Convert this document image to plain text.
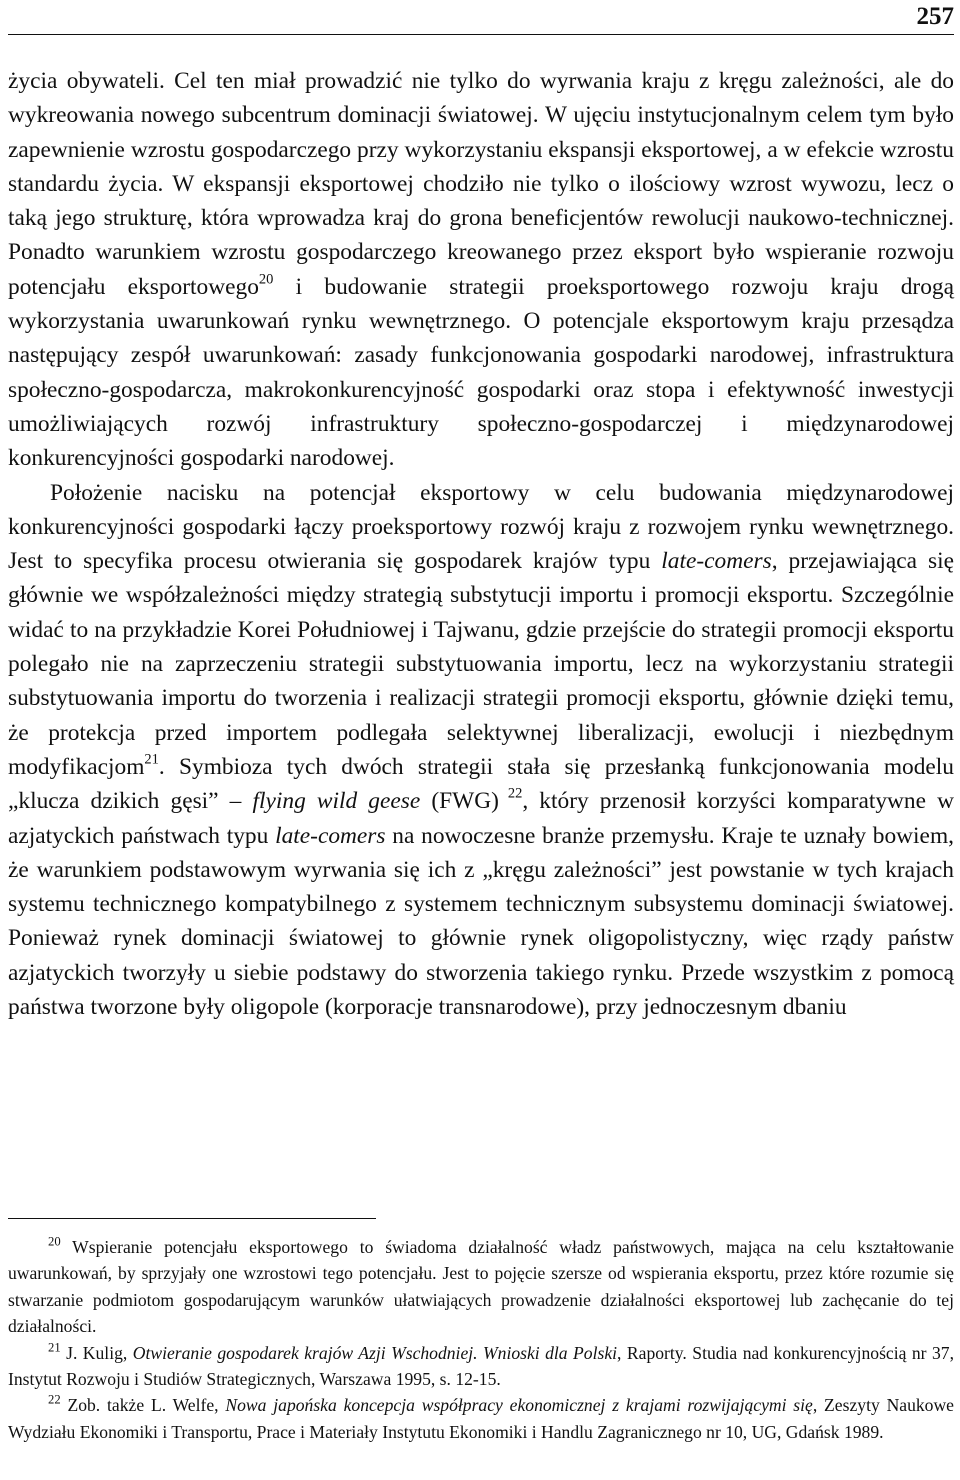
257

życia obywateli. Cel ten miał prowadzić nie tylko do wyrwania kraju z kręgu zależności, ale do wykreowania nowego subcentrum dominacji światowej. W ujęciu instytucjonalnym celem tym było zapewnienie wzrostu gospodarczego przy wykorzystaniu ekspansji eksportowej, a w efekcie wzrostu standardu życia. W ekspansji eksportowej chodziło nie tylko o ilościowy wzrost wywozu, lecz o taką jego strukturę, która wprowadza kraj do grona beneficjentów rewolucji naukowo-technicznej. Ponadto warunkiem wzrostu gospodarczego kreowanego przez eksport było wspieranie rozwoju potencjału eksportowego$^{20}$ i budowanie strategii proeksportowego rozwoju kraju drogą wykorzystania uwarunkowań rynku wewnętrznego. O potencjale eksportowym kraju przesądza następujący zespół uwarunkowań: zasady funkcjonowania gospodarki narodowej, infrastruktura społeczno-gospodarcza, makrokonkurencyjność gospodarki oraz stopa i efektywność inwestycji umożliwiających rozwój infrastruktury społeczno-gospodarczej i międzynarodowej konkurencyjności gospodarki narodowej.

Położenie nacisku na potencjał eksportowy w celu budowania międzynarodowej konkurencyjności gospodarki łączy proeksportowy rozwój kraju z rozwojem rynku wewnętrznego. Jest to specyfika procesu otwierania się gospodarek krajów typu late-comers, przejawiająca się głównie we współzależności między strategią substytucji importu i promocji eksportu. Szczególnie widać to na przykładzie Korei Południowej i Tajwanu, gdzie przejście do strategii promocji eksportu polegało nie na zaprzeczeniu strategii substytuowania importu, lecz na wykorzystaniu strategii substytuowania importu do tworzenia i realizacji strategii promocji eksportu, głównie dzięki temu, że protekcja przed importem podlegała selektywnej liberalizacji, ewolucji i niezbędnym modyfikacjom$^{21}$. Symbioza tych dwóch strategii stała się przesłanką funkcjonowania modelu „klucza dzikich gęsi” – flying wild geese (FWG) $^{22}$, który przenosił korzyści komparatywne w azjatyckich państwach typu late-comers na nowoczesne branże przemysłu. Kraje te uznały bowiem, że warunkiem podstawowym wyrwania się ich z „kręgu zależności” jest powstanie w tych krajach systemu technicznego kompatybilnego z systemem technicznym subsystemu dominacji światowej. Ponieważ rynek dominacji światowej to głównie rynek oligopolistyczny, więc rządy państw azjatyckich tworzyły u siebie podstawy do stworzenia takiego rynku. Przede wszystkim z pomocą państwa tworzone były oligopole (korporacje transnarodowe), przy jednoczesnym dbaniu

$^{20}$ Wspieranie potencjału eksportowego to świadoma działalność władz państwowych, mająca na celu kształtowanie uwarunkowań, by sprzyjały one wzrostowi tego potencjału. Jest to pojęcie szersze od wspierania eksportu, przez które rozumie się stwarzanie podmiotom gospodarującym warunków ułatwiających prowadzenie działalności eksportowej lub zachęcanie do tej działalności.

$^{21}$ J. Kulig, Otwieranie gospodarek krajów Azji Wschodniej. Wnioski dla Polski, Raporty. Studia nad konkurencyjnością nr 37, Instytut Rozwoju i Studiów Strategicznych, Warszawa 1995, s. 12-15.

$^{22}$ Zob. także L. Welfe, Nowa japońska koncepcja współpracy ekonomicznej z krajami rozwijającymi się, Zeszyty Naukowe Wydziału Ekonomiki i Transportu, Prace i Materiały Instytutu Ekonomiki i Handlu Zagranicznego nr 10, UG, Gdańsk 1989.
